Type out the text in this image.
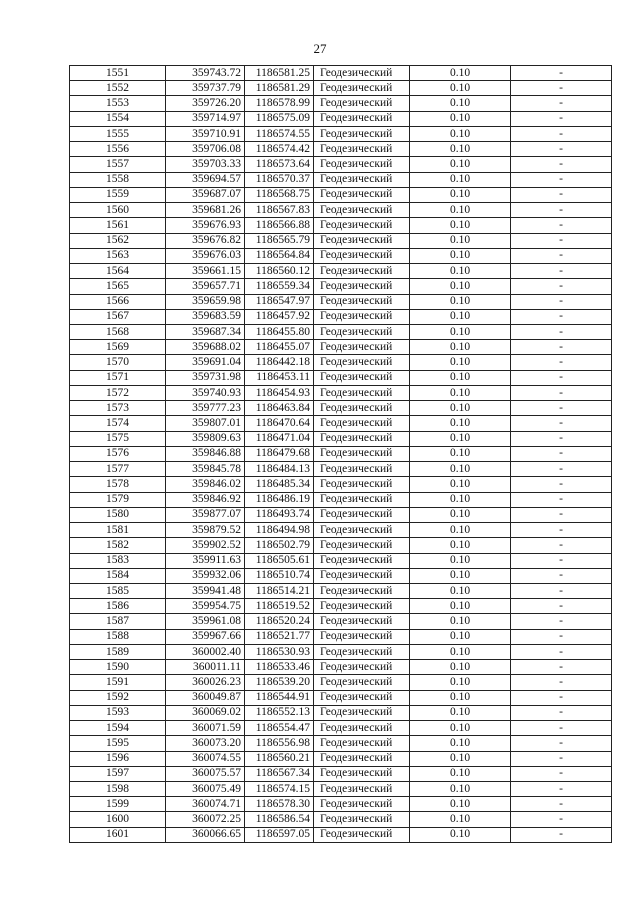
27
1551	359743.72	1186581.25	Геодезический	0.10	-
1552	359737.79	1186581.29	Геодезический	0.10	-
1553	359726.20	1186578.99	Геодезический	0.10	-
1554	359714.97	1186575.09	Геодезический	0.10	-
1555	359710.91	1186574.55	Геодезический	0.10	-
1556	359706.08	1186574.42	Геодезический	0.10	-
1557	359703.33	1186573.64	Геодезический	0.10	-
1558	359694.57	1186570.37	Геодезический	0.10	-
1559	359687.07	1186568.75	Геодезический	0.10	-
1560	359681.26	1186567.83	Геодезический	0.10	-
1561	359676.93	1186566.88	Геодезический	0.10	-
1562	359676.82	1186565.79	Геодезический	0.10	-
1563	359676.03	1186564.84	Геодезический	0.10	-
1564	359661.15	1186560.12	Геодезический	0.10	-
1565	359657.71	1186559.34	Геодезический	0.10	-
1566	359659.98	1186547.97	Геодезический	0.10	-
1567	359683.59	1186457.92	Геодезический	0.10	-
1568	359687.34	1186455.80	Геодезический	0.10	-
1569	359688.02	1186455.07	Геодезический	0.10	-
1570	359691.04	1186442.18	Геодезический	0.10	-
1571	359731.98	1186453.11	Геодезический	0.10	-
1572	359740.93	1186454.93	Геодезический	0.10	-
1573	359777.23	1186463.84	Геодезический	0.10	-
1574	359807.01	1186470.64	Геодезический	0.10	-
1575	359809.63	1186471.04	Геодезический	0.10	-
1576	359846.88	1186479.68	Геодезический	0.10	-
1577	359845.78	1186484.13	Геодезический	0.10	-
1578	359846.02	1186485.34	Геодезический	0.10	-
1579	359846.92	1186486.19	Геодезический	0.10	-
1580	359877.07	1186493.74	Геодезический	0.10	-
1581	359879.52	1186494.98	Геодезический	0.10	-
1582	359902.52	1186502.79	Геодезический	0.10	-
1583	359911.63	1186505.61	Геодезический	0.10	-
1584	359932.06	1186510.74	Геодезический	0.10	-
1585	359941.48	1186514.21	Геодезический	0.10	-
1586	359954.75	1186519.52	Геодезический	0.10	-
1587	359961.08	1186520.24	Геодезический	0.10	-
1588	359967.66	1186521.77	Геодезический	0.10	-
1589	360002.40	1186530.93	Геодезический	0.10	-
1590	360011.11	1186533.46	Геодезический	0.10	-
1591	360026.23	1186539.20	Геодезический	0.10	-
1592	360049.87	1186544.91	Геодезический	0.10	-
1593	360069.02	1186552.13	Геодезический	0.10	-
1594	360071.59	1186554.47	Геодезический	0.10	-
1595	360073.20	1186556.98	Геодезический	0.10	-
1596	360074.55	1186560.21	Геодезический	0.10	-
1597	360075.57	1186567.34	Геодезический	0.10	-
1598	360075.49	1186574.15	Геодезический	0.10	-
1599	360074.71	1186578.30	Геодезический	0.10	-
1600	360072.25	1186586.54	Геодезический	0.10	-
1601	360066.65	1186597.05	Геодезический	0.10	-
